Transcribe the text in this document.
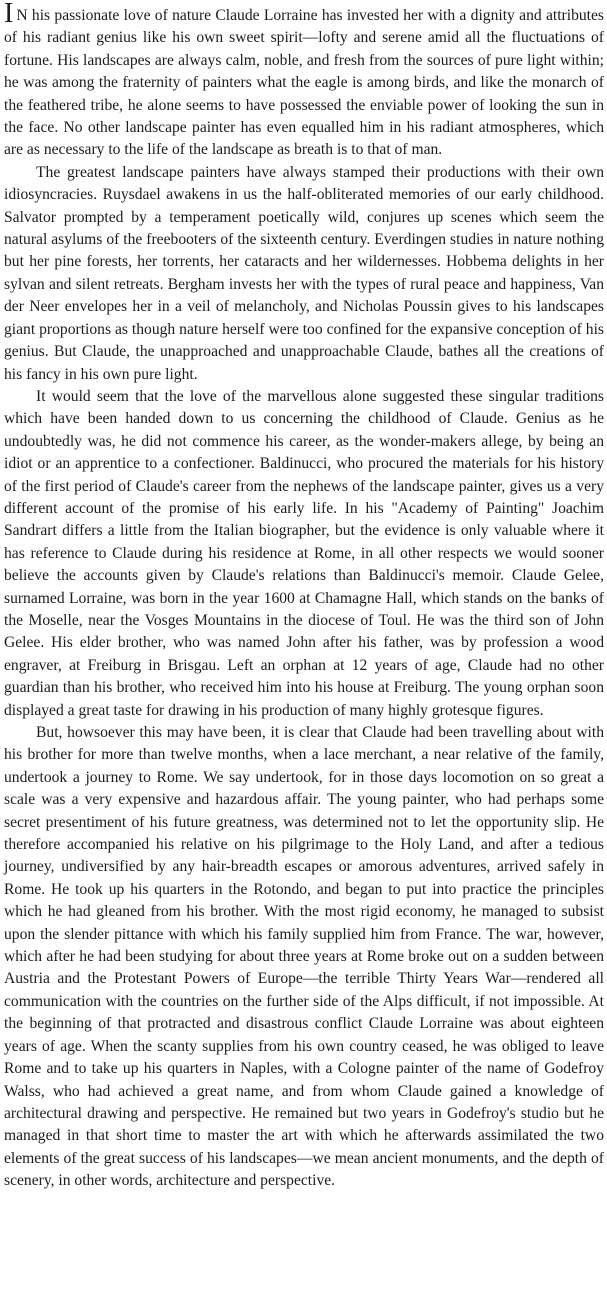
I N his passionate love of nature Claude Lorraine has invested her with a dignity and attributes of his radiant genius like his own sweet spirit—lofty and serene amid all the fluctuations of fortune. His landscapes are always calm, noble, and fresh from the sources of pure light within; he was among the fraternity of painters what the eagle is among birds, and like the monarch of the feathered tribe, he alone seems to have possessed the enviable power of looking the sun in the face. No other landscape painter has even equalled him in his radiant atmospheres, which are as necessary to the life of the landscape as breath is to that of man.

The greatest landscape painters have always stamped their productions with their own idiosyncracies. Ruysdael awakens in us the half-obliterated memories of our early childhood. Salvator prompted by a temperament poetically wild, conjures up scenes which seem the natural asylums of the freebooters of the sixteenth century. Everdingen studies in nature nothing but her pine forests, her torrents, her cataracts and her wildernesses. Hobbema delights in her sylvan and silent retreats. Bergham invests her with the types of rural peace and happiness, Van der Neer envelopes her in a veil of melancholy, and Nicholas Poussin gives to his landscapes giant proportions as though nature herself were too confined for the expansive conception of his genius. But Claude, the unapproached and unapproachable Claude, bathes all the creations of his fancy in his own pure light.

It would seem that the love of the marvellous alone suggested these singular traditions which have been handed down to us concerning the childhood of Claude. Genius as he undoubtedly was, he did not commence his career, as the wonder-makers allege, by being an idiot or an apprentice to a confectioner. Baldinucci, who procured the materials for his history of the first period of Claude's career from the nephews of the landscape painter, gives us a very different account of the promise of his early life. In his "Academy of Painting" Joachim Sandrart differs a little from the Italian biographer, but the evidence is only valuable where it has reference to Claude during his residence at Rome, in all other respects we would sooner believe the accounts given by Claude's relations than Baldinucci's memoir. Claude Gelee, surnamed Lorraine, was born in the year 1600 at Chamagne Hall, which stands on the banks of the Moselle, near the Vosges Mountains in the diocese of Toul. He was the third son of John Gelee. His elder brother, who was named John after his father, was by profession a wood engraver, at Freiburg in Brisgau. Left an orphan at 12 years of age, Claude had no other guardian than his brother, who received him into his house at Freiburg. The young orphan soon displayed a great taste for drawing in his production of many highly grotesque figures.

But, howsoever this may have been, it is clear that Claude had been travelling about with his brother for more than twelve months, when a lace merchant, a near relative of the family, undertook a journey to Rome. We say undertook, for in those days locomotion on so great a scale was a very expensive and hazardous affair. The young painter, who had perhaps some secret presentiment of his future greatness, was determined not to let the opportunity slip. He therefore accompanied his relative on his pilgrimage to the Holy Land, and after a tedious journey, undiversified by any hair-breadth escapes or amorous adventures, arrived safely in Rome. He took up his quarters in the Rotondo, and began to put into practice the principles which he had gleaned from his brother. With the most rigid economy, he managed to subsist upon the slender pittance with which his family supplied him from France. The war, however, which after he had been studying for about three years at Rome broke out on a sudden between Austria and the Protestant Powers of Europe—the terrible Thirty Years War—rendered all communication with the countries on the further side of the Alps difficult, if not impossible. At the beginning of that protracted and disastrous conflict Claude Lorraine was about eighteen years of age. When the scanty supplies from his own country ceased, he was obliged to leave Rome and to take up his quarters in Naples, with a Cologne painter of the name of Godefroy Walss, who had achieved a great name, and from whom Claude gained a knowledge of architectural drawing and perspective. He remained but two years in Godefroy's studio but he managed in that short time to master the art with which he afterwards assimilated the two elements of the great success of his landscapes—we mean ancient monuments, and the depth of scenery, in other words, architecture and perspective.
